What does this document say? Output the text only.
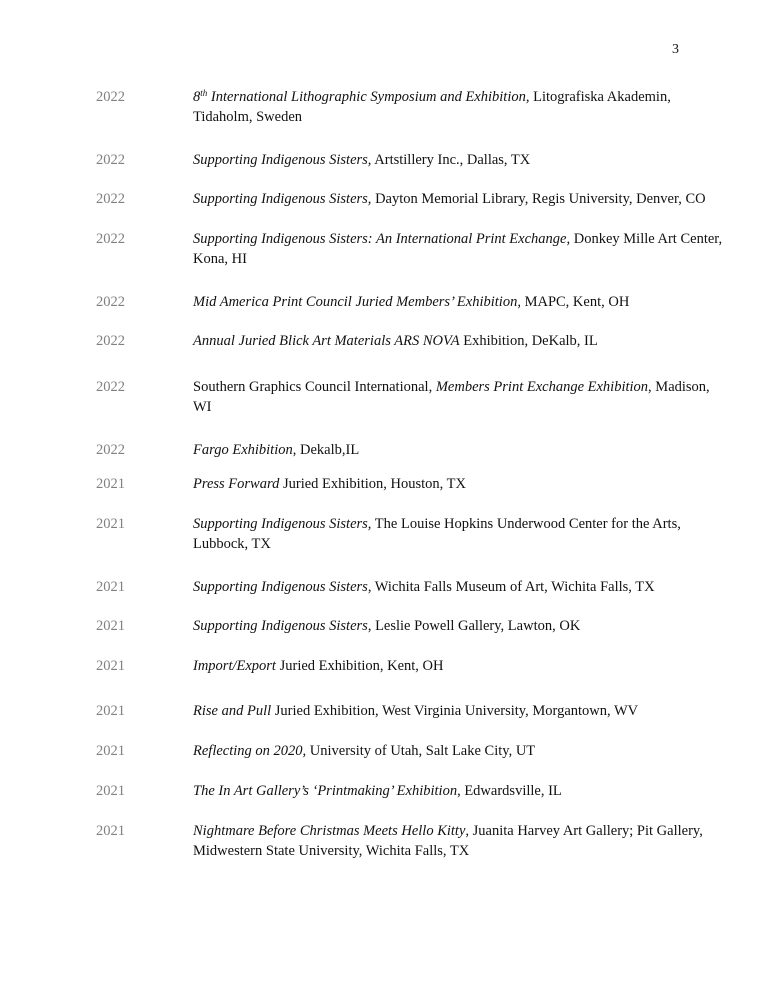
3
2022	8th International Lithographic Symposium and Exhibition, Litografiska Akademin, Tidaholm, Sweden
2022	Supporting Indigenous Sisters, Artstillery Inc., Dallas, TX
2022	Supporting Indigenous Sisters, Dayton Memorial Library, Regis University, Denver, CO
2022	Supporting Indigenous Sisters: An International Print Exchange, Donkey Mille Art Center, Kona, HI
2022	Mid America Print Council Juried Members’ Exhibition, MAPC, Kent, OH
2022	Annual Juried Blick Art Materials ARS NOVA Exhibition, DeKalb, IL
2022	Southern Graphics Council International, Members Print Exchange Exhibition, Madison, WI
2022	Fargo Exhibition, Dekalb,IL
2021	Press Forward Juried Exhibition, Houston, TX
2021	Supporting Indigenous Sisters, The Louise Hopkins Underwood Center for the Arts, Lubbock, TX
2021	Supporting Indigenous Sisters, Wichita Falls Museum of Art, Wichita Falls, TX
2021	Supporting Indigenous Sisters, Leslie Powell Gallery, Lawton, OK
2021	Import/Export Juried Exhibition, Kent, OH
2021	Rise and Pull Juried Exhibition, West Virginia University, Morgantown, WV
2021	Reflecting on 2020, University of Utah, Salt Lake City, UT
2021	The In Art Gallery’s ‘Printmaking’ Exhibition, Edwardsville, IL
2021	Nightmare Before Christmas Meets Hello Kitty, Juanita Harvey Art Gallery; Pit Gallery, Midwestern State University, Wichita Falls, TX
